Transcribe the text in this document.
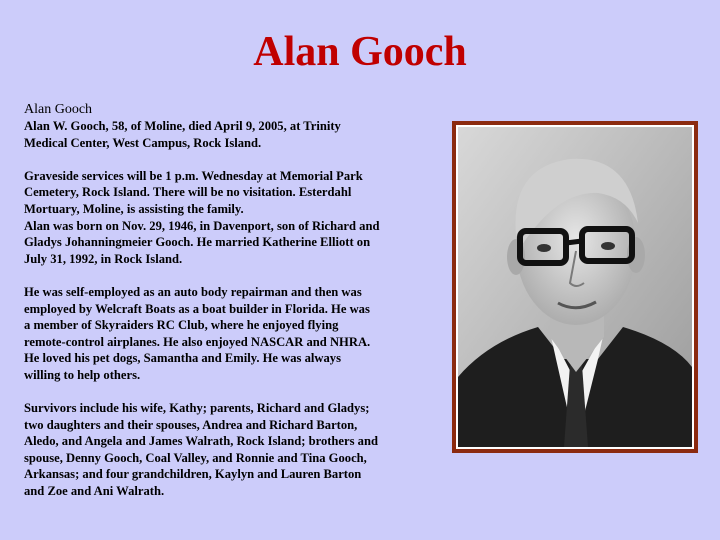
Alan Gooch
Alan Gooch

Alan W. Gooch, 58, of Moline, died April 9, 2005, at Trinity
Medical Center, West Campus, Rock Island.

Graveside services will be 1 p.m. Wednesday at Memorial Park
Cemetery, Rock Island. There will be no visitation. Esterdahl
Mortuary, Moline, is assisting the family.

Alan was born on Nov. 29, 1946, in Davenport, son of Richard and
Gladys Johanningmeier Gooch. He married Katherine Elliott on
July 31, 1992, in Rock Island.

He was self-employed as an auto body repairman and then was
employed by Welcraft Boats as a boat builder in Florida. He was
a member of Skyraiders RC Club, where he enjoyed flying
remote-control airplanes. He also enjoyed NASCAR and NHRA.
He loved his pet dogs, Samantha and Emily. He was always
willing to help others.

Survivors include his wife, Kathy; parents, Richard and Gladys;
two daughters and their spouses, Andrea and Richard Barton,
Aledo, and Angela and James Walrath, Rock Island; brothers and
spouse, Denny Gooch, Coal Valley, and Ronnie and Tina Gooch,
Arkansas; and four grandchildren, Kaylyn and Lauren Barton
and Zoe and Ani Walrath.
